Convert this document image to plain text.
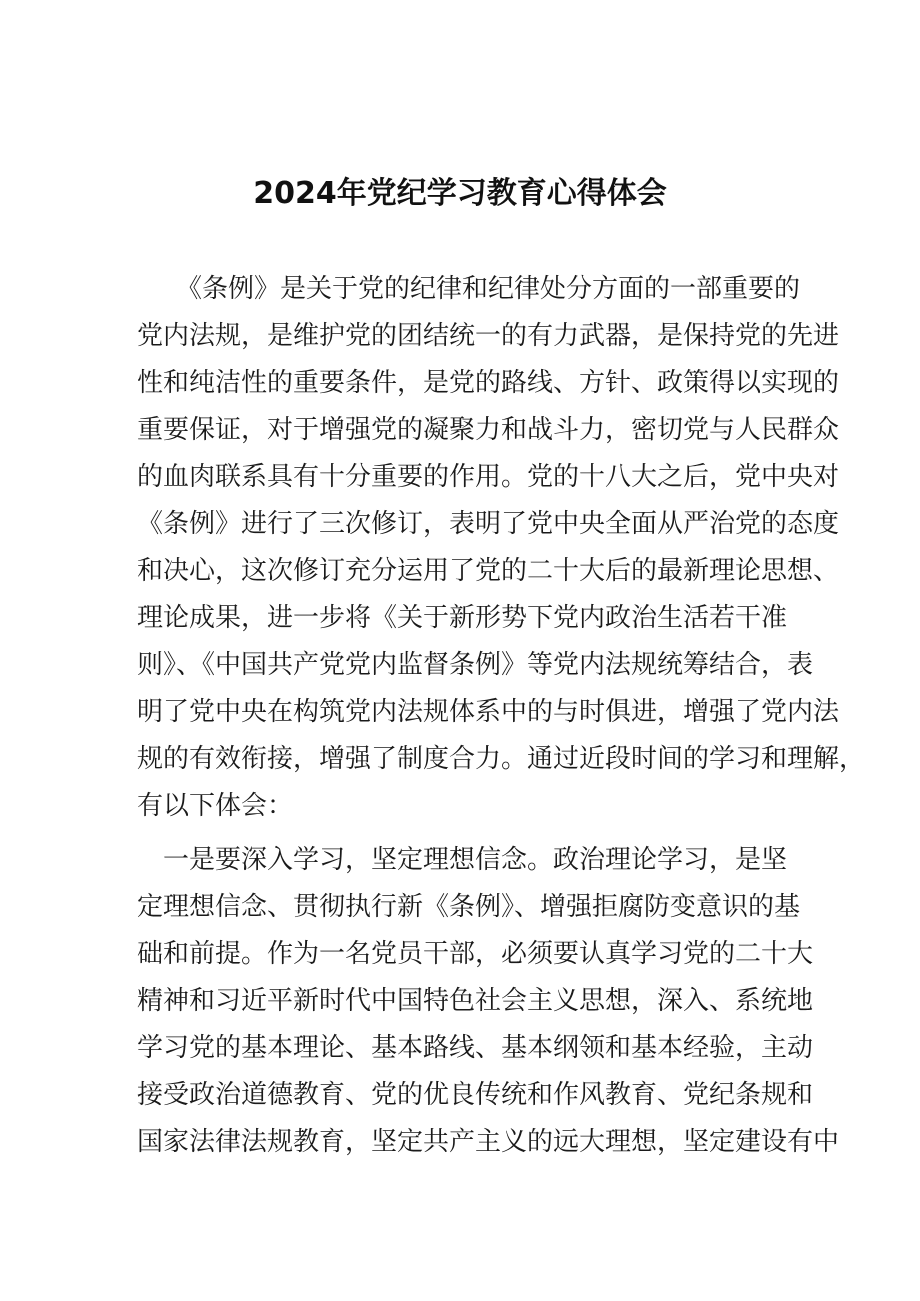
2024年党纪学习教育心得体会
　　《条例》是关于党的纪律和纪律处分方面的一部重要的
党内法规，是维护党的团结统一的有力武器，是保持党的先进
性和纯洁性的重要条件，是党的路线、方针、政策得以实现的
重要保证，对于增强党的凝聚力和战斗力，密切党与人民群众
的血肉联系具有十分重要的作用。党的十八大之后，党中央对
《条例》进行了三次修订，表明了党中央全面从严治党的态度
和决心，这次修订充分运用了党的二十大后的最新理论思想、
理论成果，进一步将《关于新形势下党内政治生活若干准
则》、《中国共产党党内监督条例》等党内法规统筹结合，表
明了党中央在构筑党内法规体系中的与时俱进，增强了党内法
规的有效衔接，增强了制度合力。通过近段时间的学习和理解，
有以下体会：
　一是要深入学习，坚定理想信念。政治理论学习，是坚
定理想信念、贯彻执行新《条例》、增强拒腐防变意识的基
础和前提。作为一名党员干部，必须要认真学习党的二十大
精神和习近平新时代中国特色社会主义思想，深入、系统地
学习党的基本理论、基本路线、基本纲领和基本经验，主动
接受政治道德教育、党的优良传统和作风教育、党纪条规和
国家法律法规教育，坚定共产主义的远大理想，坚定建设有中
